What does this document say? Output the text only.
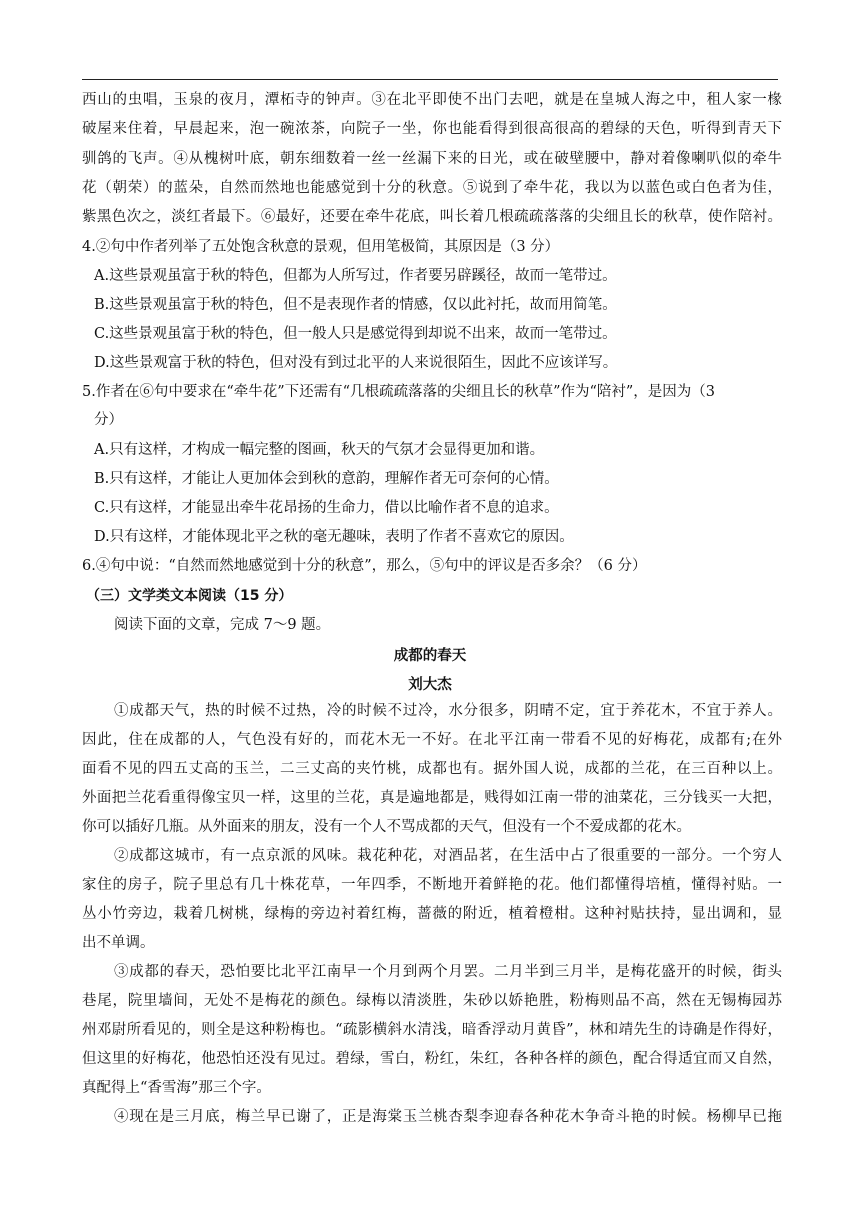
西山的虫唱，玉泉的夜月，潭柘寺的钟声。③在北平即使不出门去吧，就是在皇城人海之中，租人家一椽
破屋来住着，早晨起来，泡一碗浓茶，向院子一坐，你也能看得到很高很高的碧绿的天色，听得到青天下
驯鸽的飞声。④从槐树叶底，朝东细数着一丝一丝漏下来的日光，或在破壁腰中，静对着像喇叭似的牵牛
花（朝荣）的蓝朵，自然而然地也能感觉到十分的秋意。⑤说到了牵牛花，我以为以蓝色或白色者为佳，
紫黑色次之，淡红者最下。⑥最好，还要在牵牛花底，叫长着几根疏疏落落的尖细且长的秋草，使作陪衬。
4.②句中作者列举了五处饱含秋意的景观，但用笔极简，其原因是（3 分）
A.这些景观虽富于秋的特色，但都为人所写过，作者要另辟蹊径，故而一笔带过。
B.这些景观虽富于秋的特色，但不是表现作者的情感，仅以此衬托，故而用简笔。
C.这些景观虽富于秋的特色，但一般人只是感觉得到却说不出来，故而一笔带过。
D.这些景观富于秋的特色，但对没有到过北平的人来说很陌生，因此不应该详写。
5.作者在⑥句中要求在“牵牛花”下还需有“几根疏疏落落的尖细且长的秋草”作为“陪衬”，是因为（3
分）
A.只有这样，才构成一幅完整的图画，秋天的气氛才会显得更加和谐。
B.只有这样，才能让人更加体会到秋的意韵，理解作者无可奈何的心情。
C.只有这样，才能显出牵牛花昂扬的生命力，借以比喻作者不息的追求。
D.只有这样，才能体现北平之秋的毫无趣味，表明了作者不喜欢它的原因。
6.④句中说：“自然而然地感觉到十分的秋意”，那么，⑤句中的评议是否多余？（6 分）
（三）文学类文本阅读（15 分）
阅读下面的文章，完成 7～9 题。
成都的春天
刘大杰
①成都天气，热的时候不过热，冷的时候不过冷，水分很多，阴晴不定，宜于养花木，不宜于养人。
因此，住在成都的人，气色没有好的，而花木无一不好。在北平江南一带看不见的好梅花，成都有;在外
面看不见的四五丈高的玉兰，二三丈高的夹竹桃，成都也有。据外国人说，成都的兰花，在三百种以上。
外面把兰花看重得像宝贝一样，这里的兰花，真是遍地都是，贱得如江南一带的油菜花，三分钱买一大把，
你可以插好几瓶。从外面来的朋友，没有一个人不骂成都的天气，但没有一个不爱成都的花木。
②成都这城市，有一点京派的风味。栽花种花，对酒品茗，在生活中占了很重要的一部分。一个穷人
家住的房子，院子里总有几十株花草，一年四季，不断地开着鲜艳的花。他们都懂得培植，懂得衬贴。一
丛小竹旁边，栽着几树桃，绿梅的旁边衬着红梅，蔷薇的附近，植着橙柑。这种衬贴扶持，显出调和，显
出不单调。
③成都的春天，恐怕要比北平江南早一个月到两个月罢。二月半到三月半，是梅花盛开的时候，街头
巷尾，院里墙间，无处不是梅花的颜色。绿梅以清淡胜，朱砂以娇艳胜，粉梅则品不高，然在无锡梅园苏
州邓尉所看见的，则全是这种粉梅也。“疏影横斜水清浅，暗香浮动月黄昏”，林和靖先生的诗确是作得好，
但这里的好梅花，他恐怕还没有见过。碧绿，雪白，粉红，朱红，各种各样的颜色，配合得适宜而又自然，
真配得上“香雪海”那三个字。
④现在是三月底，梅兰早已谢了，正是海棠玉兰桃杏梨李迎春各种花木争奇斗艳的时候。杨柳早已拖
